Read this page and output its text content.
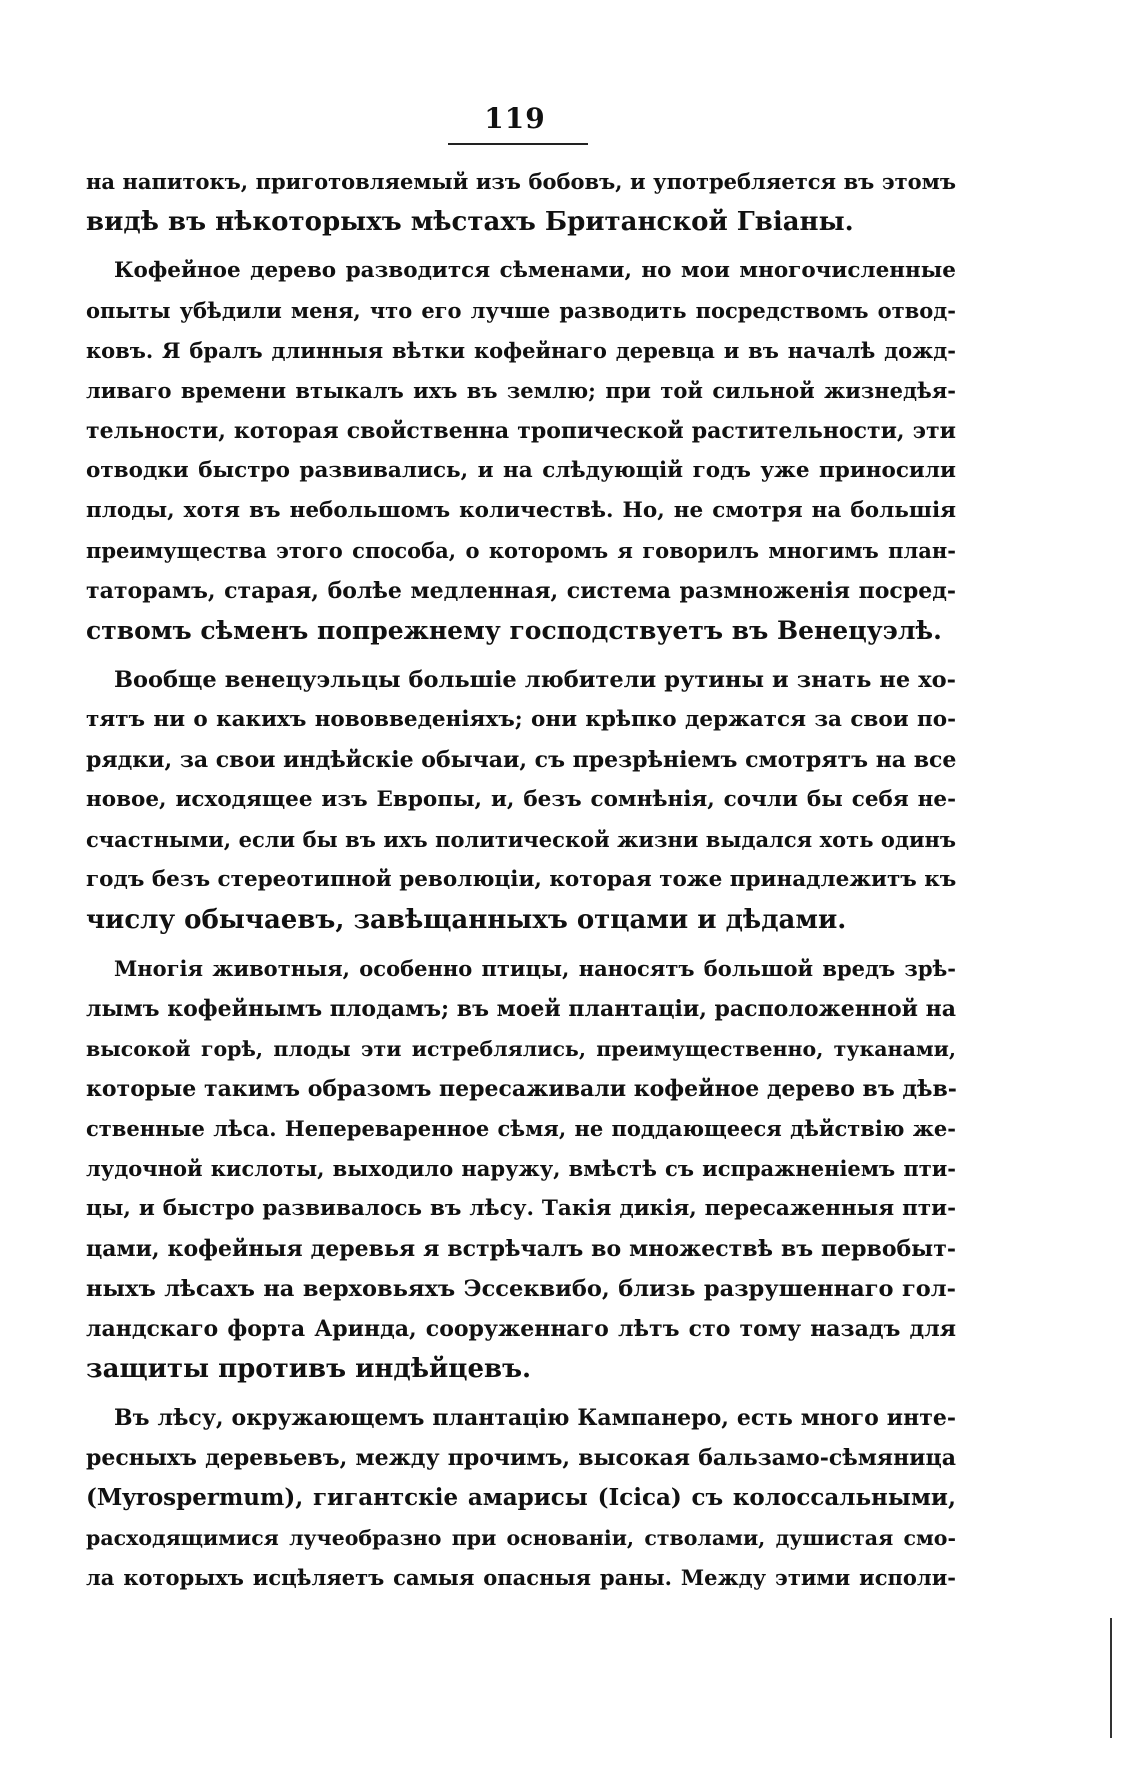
119
на напитокъ, приготовляемый изъ бобовъ, и употребляется въ этомъ
видѣ въ нѣкоторыхъ мѣстахъ Британской Гвіаны.
Кофейное дерево разводится сѣменами, но мои многочисленные
опыты убѣдили меня, что его лучше разводить посредствомъ отвод-
ковъ. Я бралъ длинныя вѣтки кофейнаго деревца и въ началѣ дожд-
ливаго времени втыкалъ ихъ въ землю; при той сильной жизнедѣя-
тельности, которая свойственна тропической растительности, эти
отводки быстро развивались, и на слѣдующій годъ уже приносили
плоды, хотя въ небольшомъ количествѣ. Но, не смотря на большія
преимущества этого способа, о которомъ я говорилъ многимъ план-
таторамъ, старая, болѣе медленная, система размноженія посред-
ствомъ сѣменъ попрежнему господствуетъ въ Венецуэлѣ.
Вообще венецуэльцы большіе любители рутины и знать не хо-
тятъ ни о какихъ нововведеніяхъ; они крѣпко держатся за свои по-
рядки, за свои индѣйскіе обычаи, съ презрѣніемъ смотрятъ на все
новое, исходящее изъ Европы, и, безъ сомнѣнія, сочли бы себя не-
счастными, если бы въ ихъ политической жизни выдался хоть одинъ
годъ безъ стереотипной революціи, которая тоже принадлежитъ къ
числу обычаевъ, завѣщанныхъ отцами и дѣдами.
Многія животныя, особенно птицы, наносятъ большой вредъ зрѣ-
лымъ кофейнымъ плодамъ; въ моей плантаціи, расположенной на
высокой горѣ, плоды эти истреблялись, преимущественно, туканами,
которые такимъ образомъ пересаживали кофейное дерево въ дѣв-
ственные лѣса. Непереваренное сѣмя, не поддающееся дѣйствію же-
лудочной кислоты, выходило наружу, вмѣстѣ съ испражненіемъ пти-
цы, и быстро развивалось въ лѣсу. Такія дикія, пересаженныя пти-
цами, кофейныя деревья я встрѣчалъ во множествѣ въ первобыт-
ныхъ лѣсахъ на верховьяхъ Эссеквибо, близь разрушеннаго гол-
ландскаго форта Аринда, сооруженнаго лѣтъ сто тому назадъ для
защиты противъ индѣйцевъ.
Въ лѣсу, окружающемъ плантацію Кампанеро, есть много инте-
ресныхъ деревьевъ, между прочимъ, высокая бальзамо-сѣмяница
(Myrospermum), гигантскіе амарисы (Icica) съ колоссальными,
расходящимися лучеобразно при основаніи, стволами, душистая смо-
ла которыхъ исцѣляетъ самыя опасныя раны. Между этими исполи-
